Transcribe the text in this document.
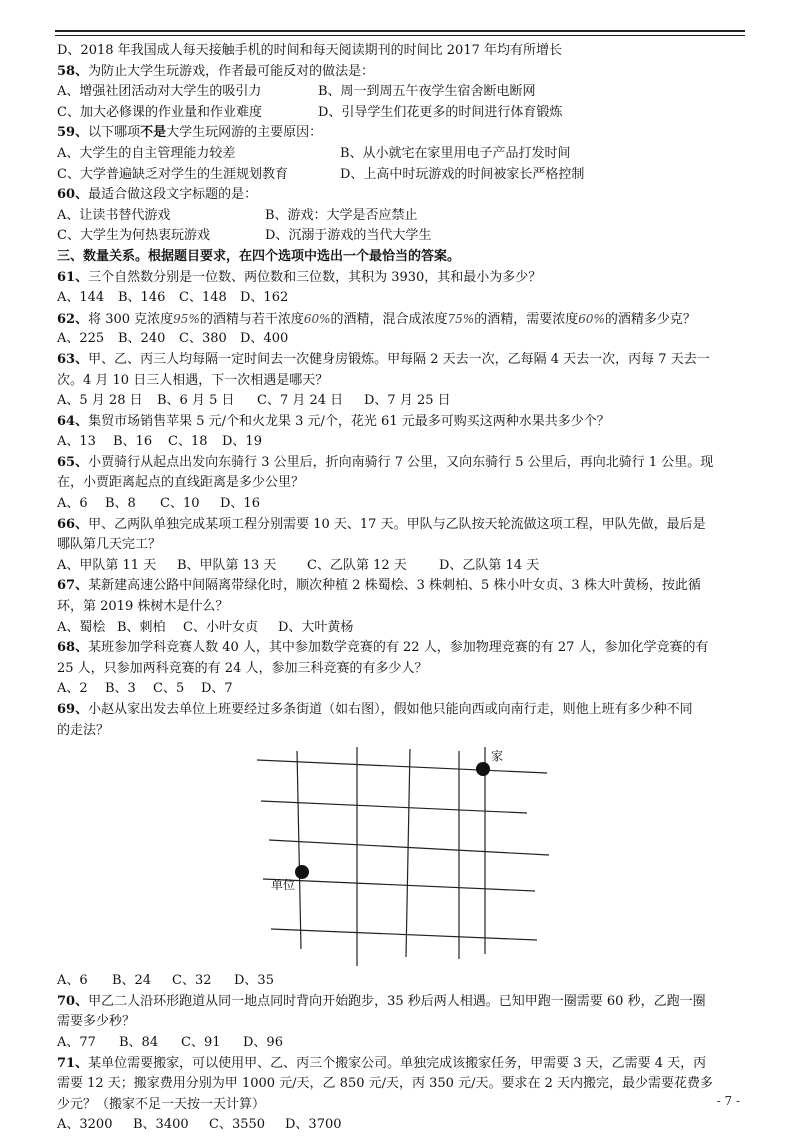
D、2018 年我国成人每天接触手机的时间和每天阅读期刊的时间比 2017 年均有所增长
58、为防止大学生玩游戏，作者最可能反对的做法是：
A、增强社团活动对大学生的吸引力	B、周一到周五午夜学生宿舍断电断网
C、加大必修课的作业量和作业难度	D、引导学生们花更多的时间进行体育锻炼
59、以下哪项不是大学生玩网游的主要原因：
A、大学生的自主管理能力较差	B、从小就宅在家里用电子产品打发时间
C、大学普遍缺乏对学生的生涯规划教育	D、上高中时玩游戏的时间被家长严格控制
60、最适合做这段文字标题的是：
A、让读书替代游戏	B、游戏：大学是否应禁止
C、大学生为何热衷玩游戏	D、沉溺于游戏的当代大学生
三、数量关系。根据题目要求，在四个选项中选出一个最恰当的答案。
61、三个自然数分别是一位数、两位数和三位数，其积为 3930，其和最小为多少？
A、144	B、146	C、148	D、162
62、将 300 克浓度95%的酒精与若干浓度60%的酒精，混合成浓度75%的酒精，需要浓度60%的酒精多少克？
A、225	B、240	C、380	D、400
63、甲、乙、丙三人均每隔一定时间去一次健身房锻炼。甲每隔 2 天去一次，乙每隔 4 天去一次，丙每 7 天去一
次。4 月 10 日三人相遇，下一次相遇是哪天？
A、5 月 28 日	B、6 月 5 日	C、7 月 24 日	D、7 月 25 日
64、集贸市场销售苹果 5 元/个和火龙果 3 元/个，花光 61 元最多可购买这两种水果共多少个？
A、13	B、16	C、18	D、19
65、小贾骑行从起点出发向东骑行 3 公里后，折向南骑行 7 公里，又向东骑行 5 公里后，再向北骑行 1 公里。现
在，小贾距离起点的直线距离是多少公里？
A、6	B、8	C、10	D、16
66、甲、乙两队单独完成某项工程分别需要 10 天、17 天。甲队与乙队按天轮流做这项工程，甲队先做，最后是
哪队第几天完工？
A、甲队第 11 天	B、甲队第 13 天	C、乙队第 12 天	D、乙队第 14 天
67、某新建高速公路中间隔离带绿化时，顺次种植 2 株蜀桧、3 株刺柏、5 株小叶女贞、3 株大叶黄杨，按此循
环，第 2019 株树木是什么？
A、蜀桧 B、刺柏	C、小叶女贞	D、大叶黄杨
68、某班参加学科竞赛人数 40 人，其中参加数学竞赛的有 22 人，参加物理竞赛的有 27 人，参加化学竞赛的有
25 人，只参加两科竞赛的有 24 人，参加三科竞赛的有多少人？
A、2	B、3	C、5	D、7
69、小赵从家出发去单位上班要经过多条街道（如右图），假如他只能向西或向南行走，则他上班有多少种不同
的走法？
家
单位
A、6	B、24	C、32	D、35
70、甲乙二人沿环形跑道从同一地点同时背向开始跑步，35 秒后两人相遇。已知甲跑一圈需要 60 秒，乙跑一圈
需要多少秒？
A、77	B、84	C、91	D、96
71、某单位需要搬家，可以使用甲、乙、丙三个搬家公司。单独完成该搬家任务，甲需要 3 天，乙需要 4 天，丙
需要 12 天；搬家费用分别为甲 1000 元/天，乙 850 元/天，丙 350 元/天。要求在 2 天内搬完，最少需要花费多
少元？（搬家不足一天按一天计算）
A、3200	B、3400	C、3550	D、3700
- 7 -
